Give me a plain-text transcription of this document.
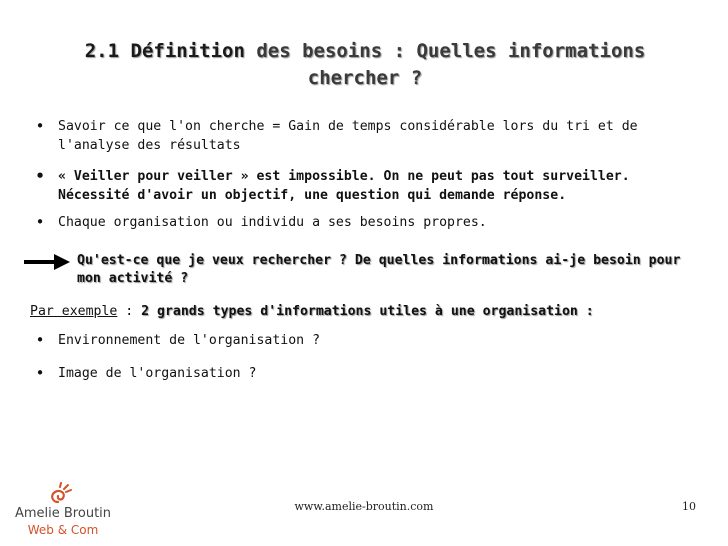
2.1 Définition des besoins : Quelles informations chercher ?
•	Savoir ce que l'on cherche = Gain de temps considérable lors du tri et de l'analyse des résultats
•	« Veiller pour veiller » est impossible. On ne peut pas tout surveiller. Nécessité d'avoir un objectif, une question qui demande réponse.
•	Chaque organisation ou individu a ses besoins propres.
Qu'est-ce que je veux rechercher ? De quelles informations ai-je besoin pour mon activité ?
Par exemple : 2 grands types d'informations utiles à une organisation :
•	Environnement de l'organisation ?
•	Image de l'organisation ?
Amelie Broutin
Web & Com
www.amelie-broutin.com	10
